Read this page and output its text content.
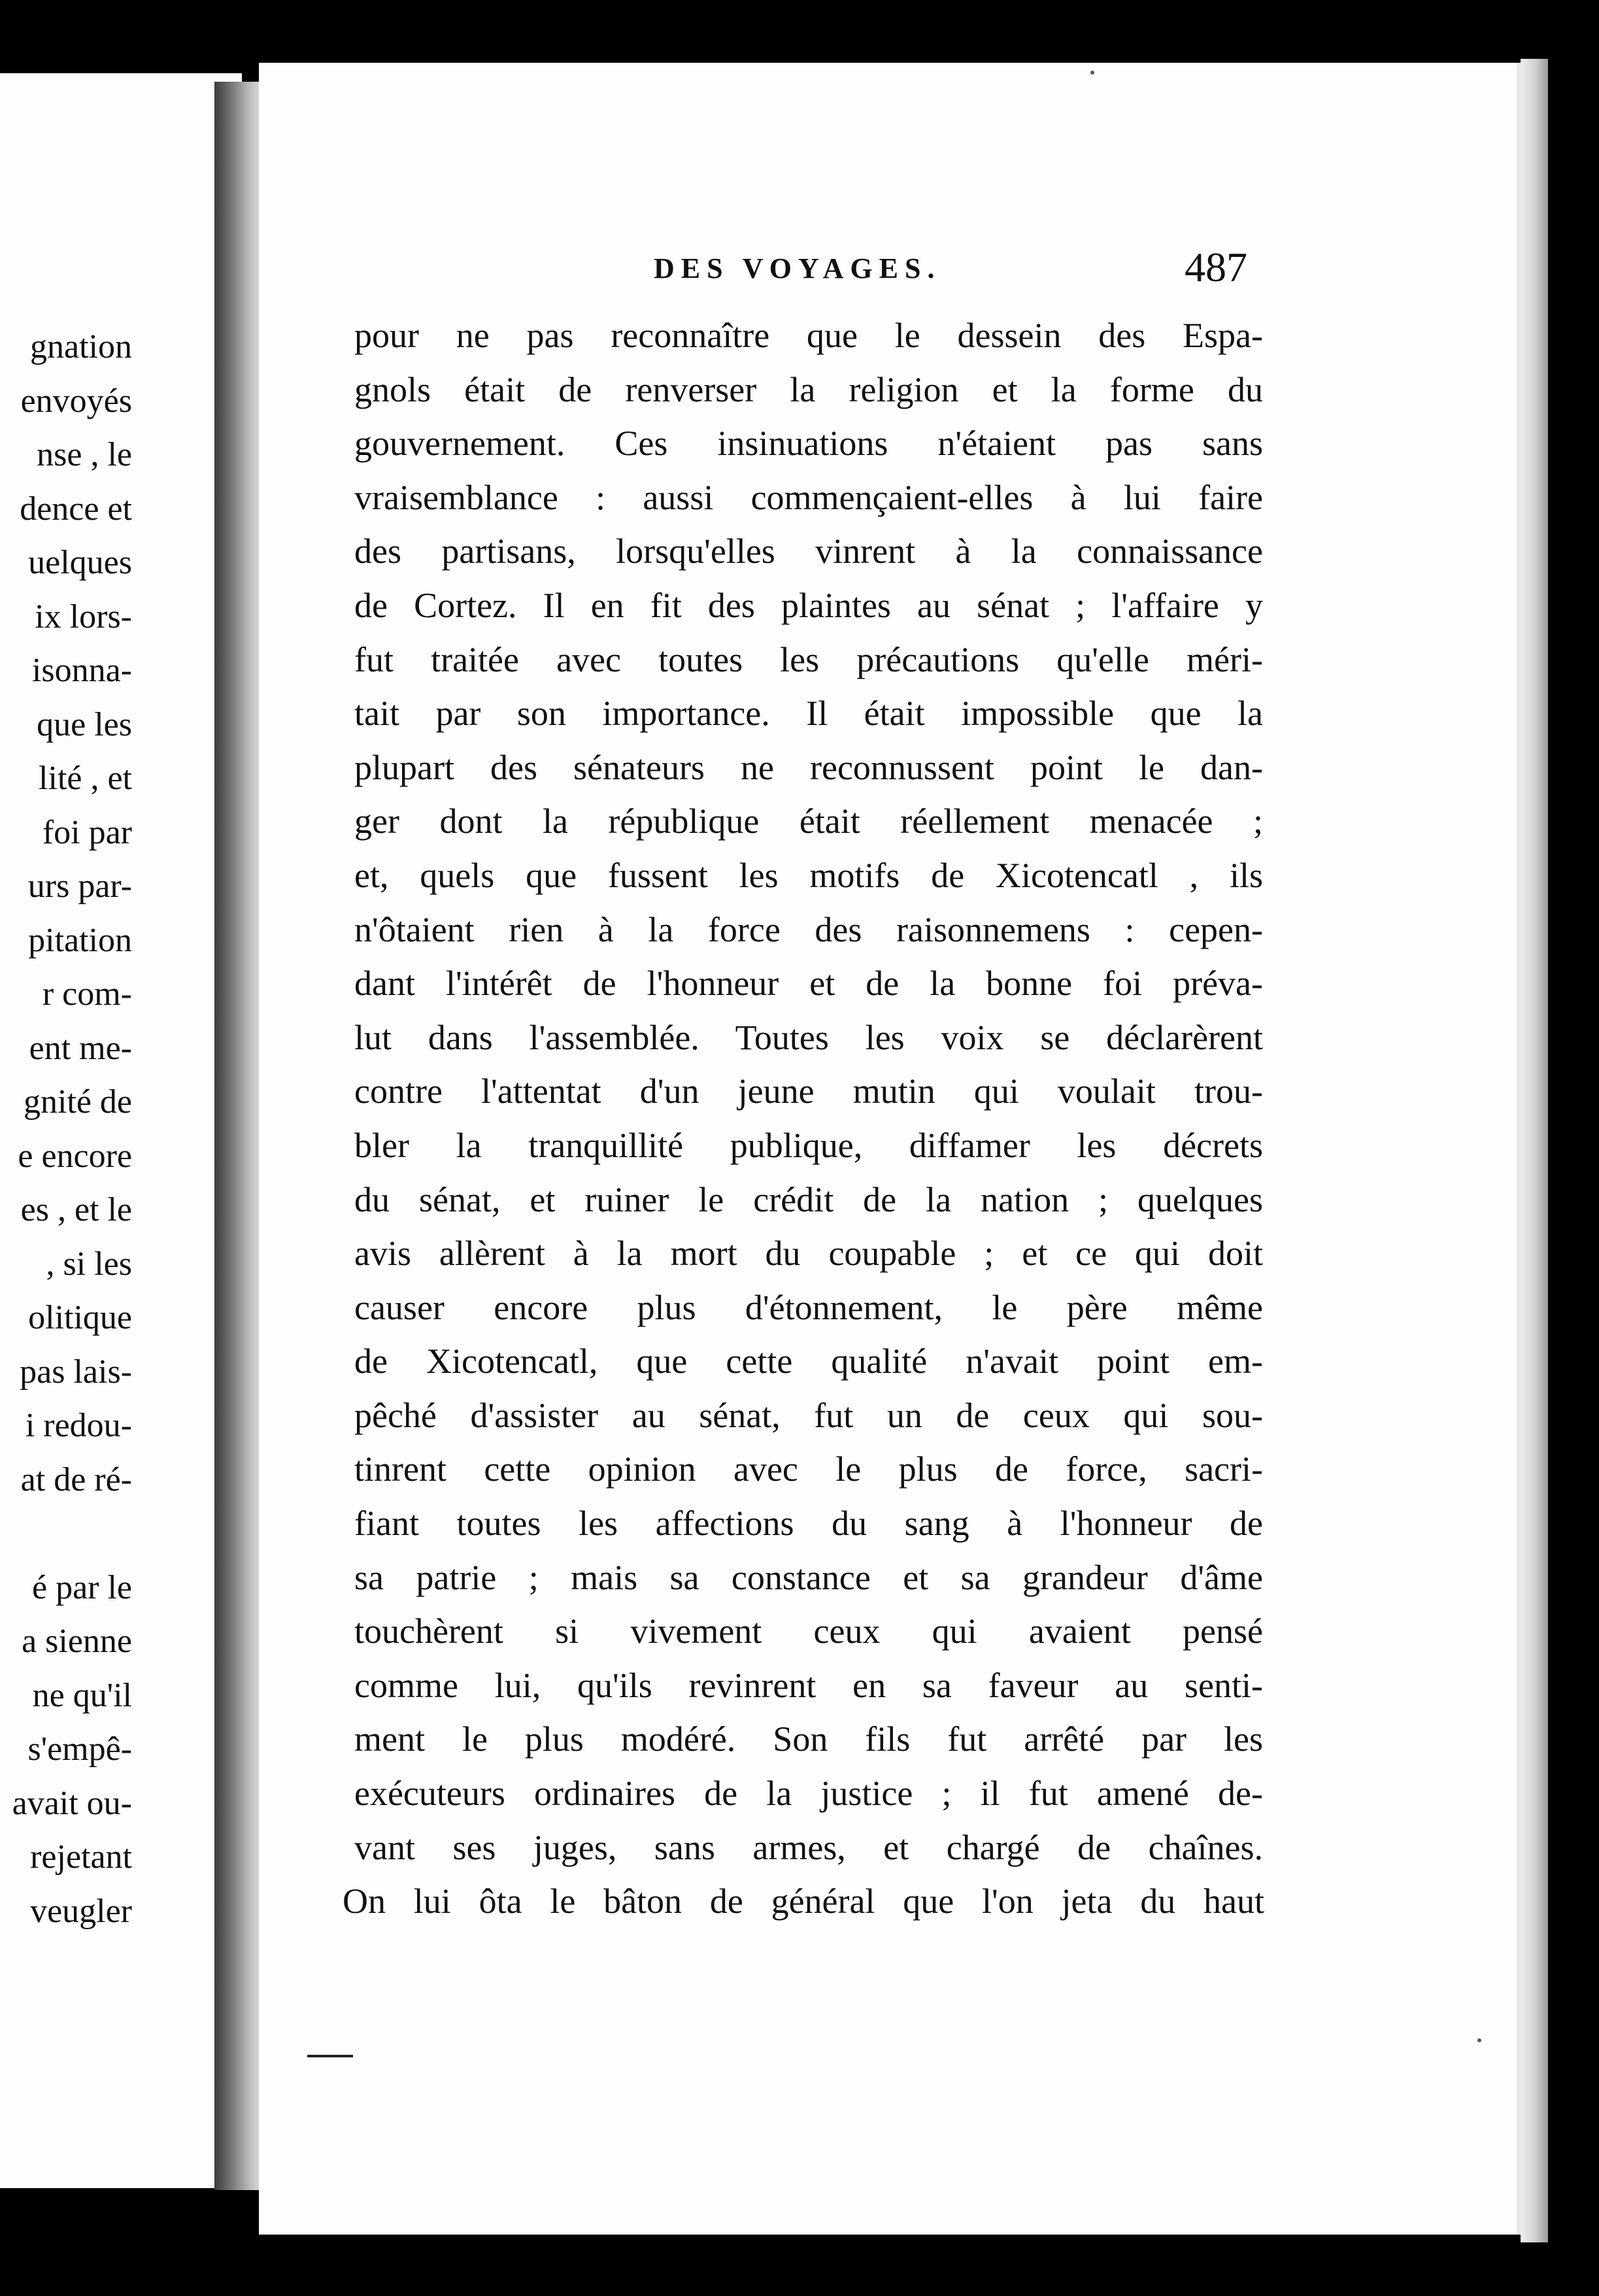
gnation
envoyés
nse , le
dence et
uelques
ix lors-
isonna-
que les
lité , et
foi par
urs par-
pitation
r com-
ent me-
gnité de
e encore
es , et le
, si les
olitique
pas lais-
i redou-
at de ré-
é par le
a sienne
ne qu'il
s'empê-
avait ou-
rejetant
veugler
DES VOYAGES.	487
pour ne pas reconnaître que le dessein des Espa-
gnols était de renverser la religion et la forme du
gouvernement. Ces insinuations n'étaient pas sans
vraisemblance : aussi commençaient-elles à lui faire
des partisans, lorsqu'elles vinrent à la connaissance
de Cortez. Il en fit des plaintes au sénat ; l'affaire y
fut traitée avec toutes les précautions qu'elle méri-
tait par son importance. Il était impossible que la
plupart des sénateurs ne reconnussent point le dan-
ger dont la république était réellement menacée ;
et, quels que fussent les motifs de Xicotencatl , ils
n'ôtaient rien à la force des raisonnemens : cepen-
dant l'intérêt de l'honneur et de la bonne foi préva-
lut dans l'assemblée. Toutes les voix se déclarèrent
contre l'attentat d'un jeune mutin qui voulait trou-
bler la tranquillité publique, diffamer les décrets
du sénat, et ruiner le crédit de la nation ; quelques
avis allèrent à la mort du coupable ; et ce qui doit
causer encore plus d'étonnement, le père même
de Xicotencatl, que cette qualité n'avait point em-
pêché d'assister au sénat, fut un de ceux qui sou-
tinrent cette opinion avec le plus de force, sacri-
fiant toutes les affections du sang à l'honneur de
sa patrie ; mais sa constance et sa grandeur d'âme
touchèrent si vivement ceux qui avaient pensé
comme lui, qu'ils revinrent en sa faveur au senti-
ment le plus modéré. Son fils fut arrêté par les
exécuteurs ordinaires de la justice ; il fut amené de-
vant ses juges, sans armes, et chargé de chaînes.
On lui ôta le bâton de général que l'on jeta du haut
